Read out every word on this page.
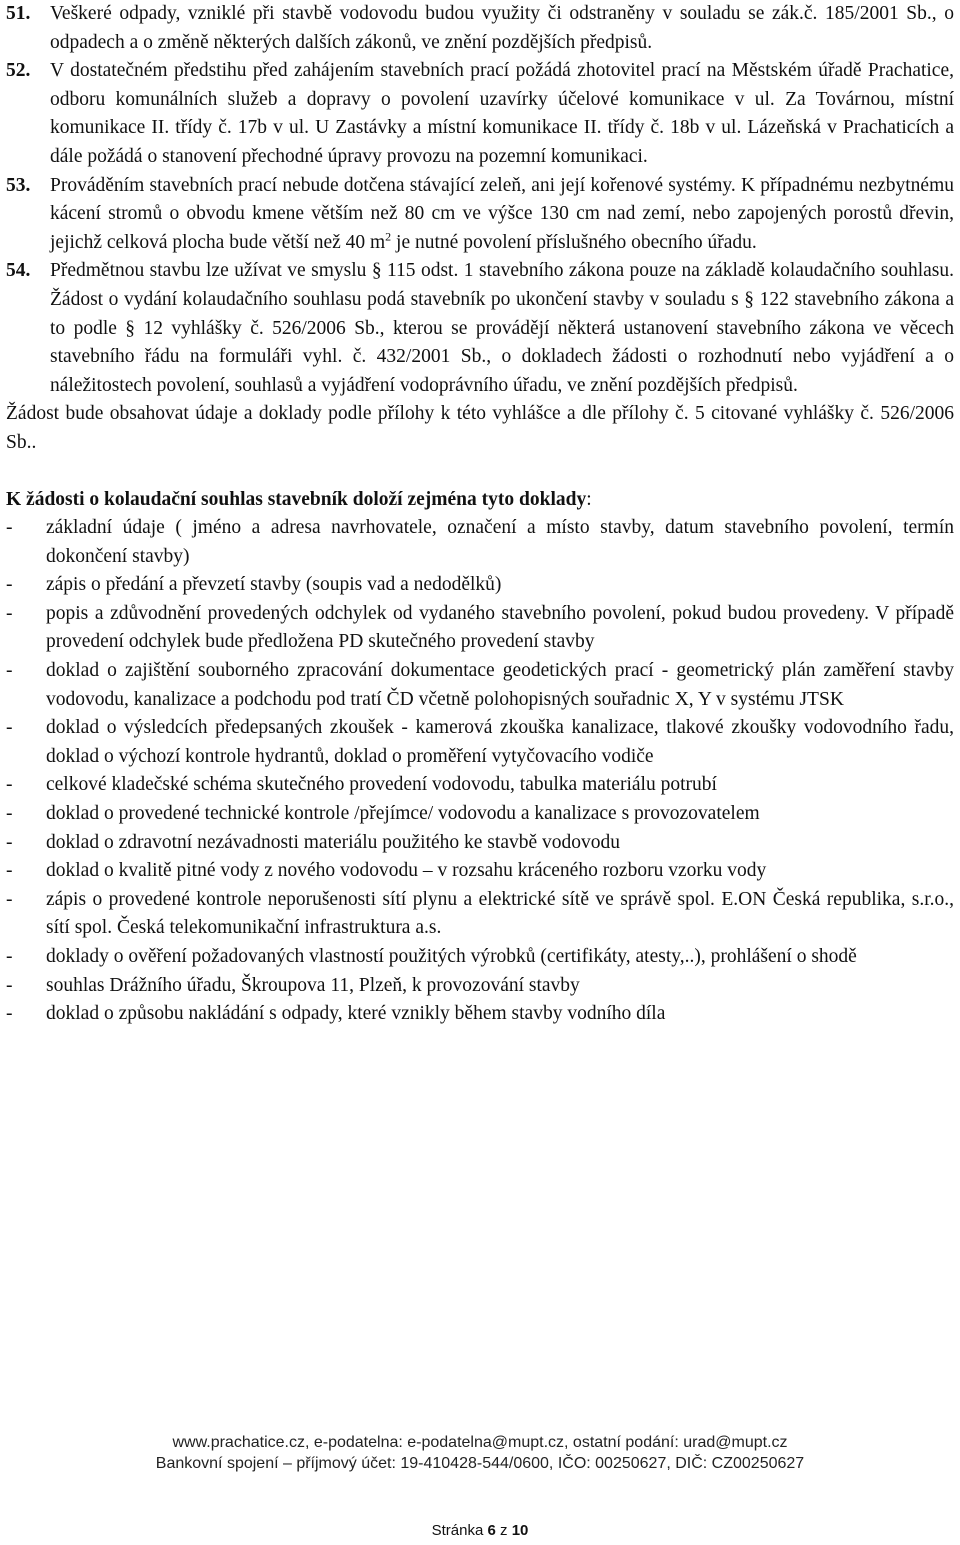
51.	Veškeré odpady, vzniklé při stavbě vodovodu budou využity či odstraněny v souladu se zák.č. 185/2001 Sb., o odpadech a o změně některých dalších zákonů, ve znění pozdějších předpisů.
52.	V dostatečném předstihu před zahájením stavebních prací požádá zhotovitel prací na Městském úřadě Prachatice, odboru komunálních služeb a dopravy o povolení uzavírky účelové komunikace v ul. Za Továrnou, místní komunikace II. třídy č. 17b v ul. U Zastávky a místní komunikace II. třídy č. 18b v ul. Lázeňská v Prachaticích a dále požádá o stanovení přechodné úpravy provozu na pozemní komunikaci.
53.	Prováděním stavebních prací nebude dotčena stávající zeleň, ani její kořenové systémy. K případnému nezbytnému kácení stromů o obvodu kmene větším než 80 cm ve výšce 130 cm nad zemí, nebo zapojených porostů dřevin, jejichž celková plocha bude větší než 40 $m^2$ je nutné povolení příslušného obecního úřadu.
54.	Předmětnou stavbu lze užívat ve smyslu § 115 odst. 1 stavebního zákona pouze na základě kolaudačního souhlasu. Žádost o vydání kolaudačního souhlasu podá stavebník po ukončení stavby v souladu s § 122 stavebního zákona a to podle § 12 vyhlášky č. 526/2006 Sb., kterou se provádějí některá ustanovení stavebního zákona ve věcech stavebního řádu na formuláři vyhl. č. 432/2001 Sb., o dokladech žádosti o rozhodnutí nebo vyjádření a o náležitostech povolení, souhlasů a vyjádření vodoprávního úřadu, ve znění pozdějších předpisů.

Žádost bude obsahovat údaje a doklady podle přílohy k této vyhlášce a dle přílohy č. 5 citované vyhlášky č. 526/2006 Sb..

K žádosti o kolaudační souhlas stavebník doloží zejména tyto doklady:

-	základní údaje ( jméno a adresa navrhovatele, označení a místo stavby, datum stavebního povolení, termín dokončení stavby)
-	zápis o předání a převzetí stavby (soupis vad a nedodělků)
-	popis a zdůvodnění provedených odchylek od vydaného stavebního povolení, pokud budou provedeny. V případě provedení odchylek bude předložena PD skutečného provedení stavby
-	doklad o zajištění souborného zpracování dokumentace geodetických prací - geometrický plán zaměření stavby vodovodu, kanalizace a podchodu pod tratí ČD včetně polohopisných souřadnic X, Y v systému JTSK
-	doklad o výsledcích předepsaných zkoušek - kamerová zkouška kanalizace, tlakové zkoušky vodovodního řadu, doklad o výchozí kontrole hydrantů, doklad o proměření vytyčovacího vodiče
-	celkové kladečské schéma skutečného provedení vodovodu, tabulka materiálu potrubí
-	doklad o provedené technické kontrole /přejímce/ vodovodu a kanalizace s provozovatelem
-	doklad o zdravotní nezávadnosti materiálu použitého ke stavbě vodovodu
-	doklad o kvalitě pitné vody z nového vodovodu – v rozsahu kráceného rozboru vzorku vody
-	zápis o provedené kontrole neporušenosti sítí plynu a elektrické sítě ve správě spol. E.ON Česká republika, s.r.o., sítí spol. Česká telekomunikační infrastruktura a.s.
-	doklady o ověření požadovaných vlastností použitých výrobků (certifikáty, atesty,..), prohlášení o shodě
-	souhlas Drážního úřadu, Škroupova 11, Plzeň, k provozování stavby
-	doklad o způsobu nakládání s odpady, které vznikly během stavby vodního díla
www.prachatice.cz, e-podatelna: e-podatelna@mupt.cz, ostatní podání: urad@mupt.cz
Bankovní spojení – příjmový účet: 19-410428-544/0600, IČO: 00250627, DIČ: CZ00250627
Stránka 6 z 10
